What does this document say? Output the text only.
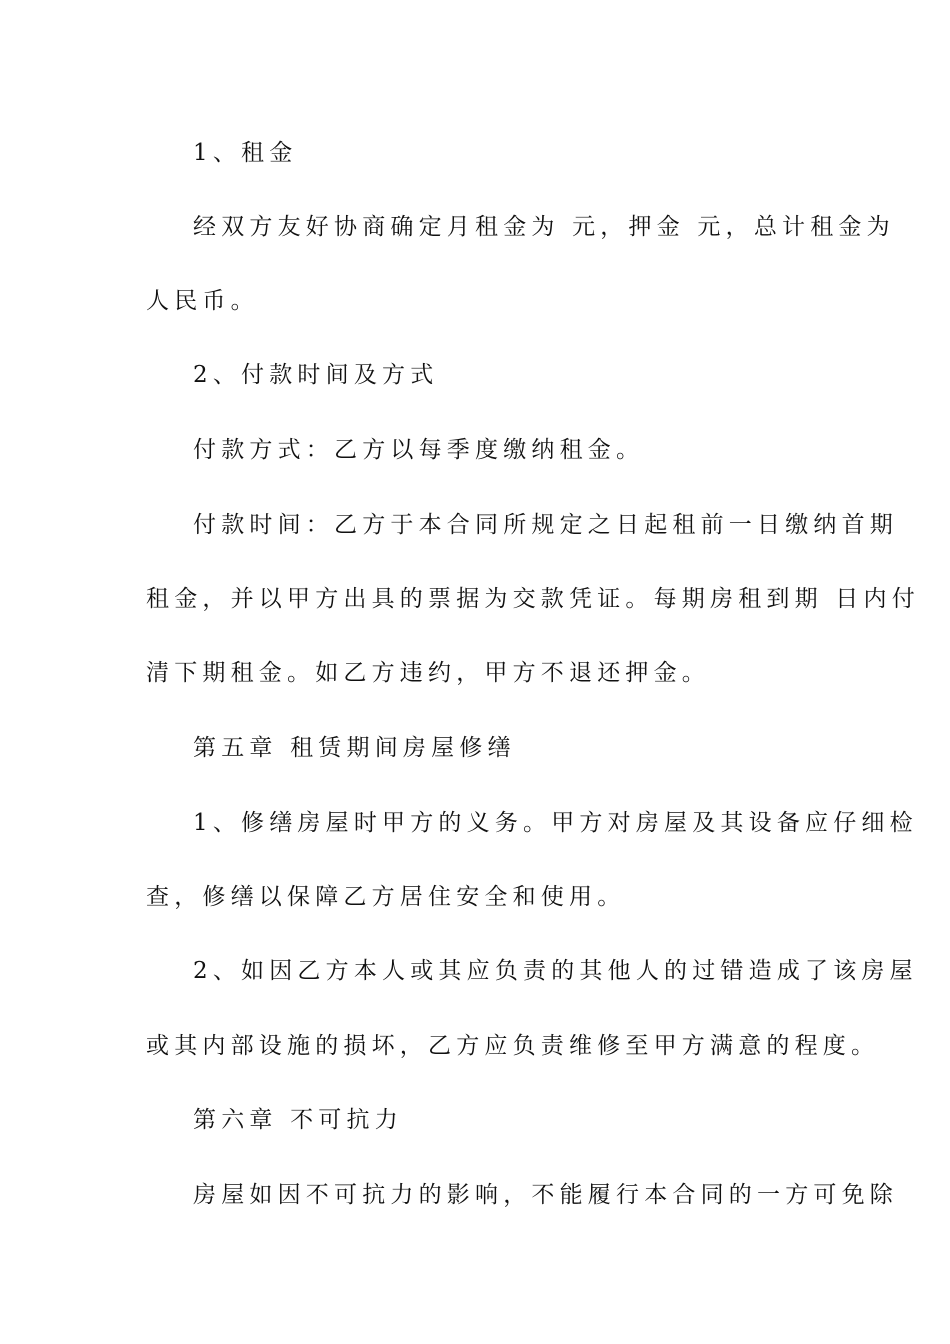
1、租金
经双方友好协商确定月租金为 元，押金 元，总计租金为
人民币。
2、付款时间及方式
付款方式：乙方以每季度缴纳租金。
付款时间：乙方于本合同所规定之日起租前一日缴纳首期
租金，并以甲方出具的票据为交款凭证。每期房租到期 日内付
清下期租金。如乙方违约，甲方不退还押金。
第五章 租赁期间房屋修缮
1、修缮房屋时甲方的义务。甲方对房屋及其设备应仔细检
查，修缮以保障乙方居住安全和使用。
2、如因乙方本人或其应负责的其他人的过错造成了该房屋
或其内部设施的损坏，乙方应负责维修至甲方满意的程度。
第六章 不可抗力
房屋如因不可抗力的影响，不能履行本合同的一方可免除
